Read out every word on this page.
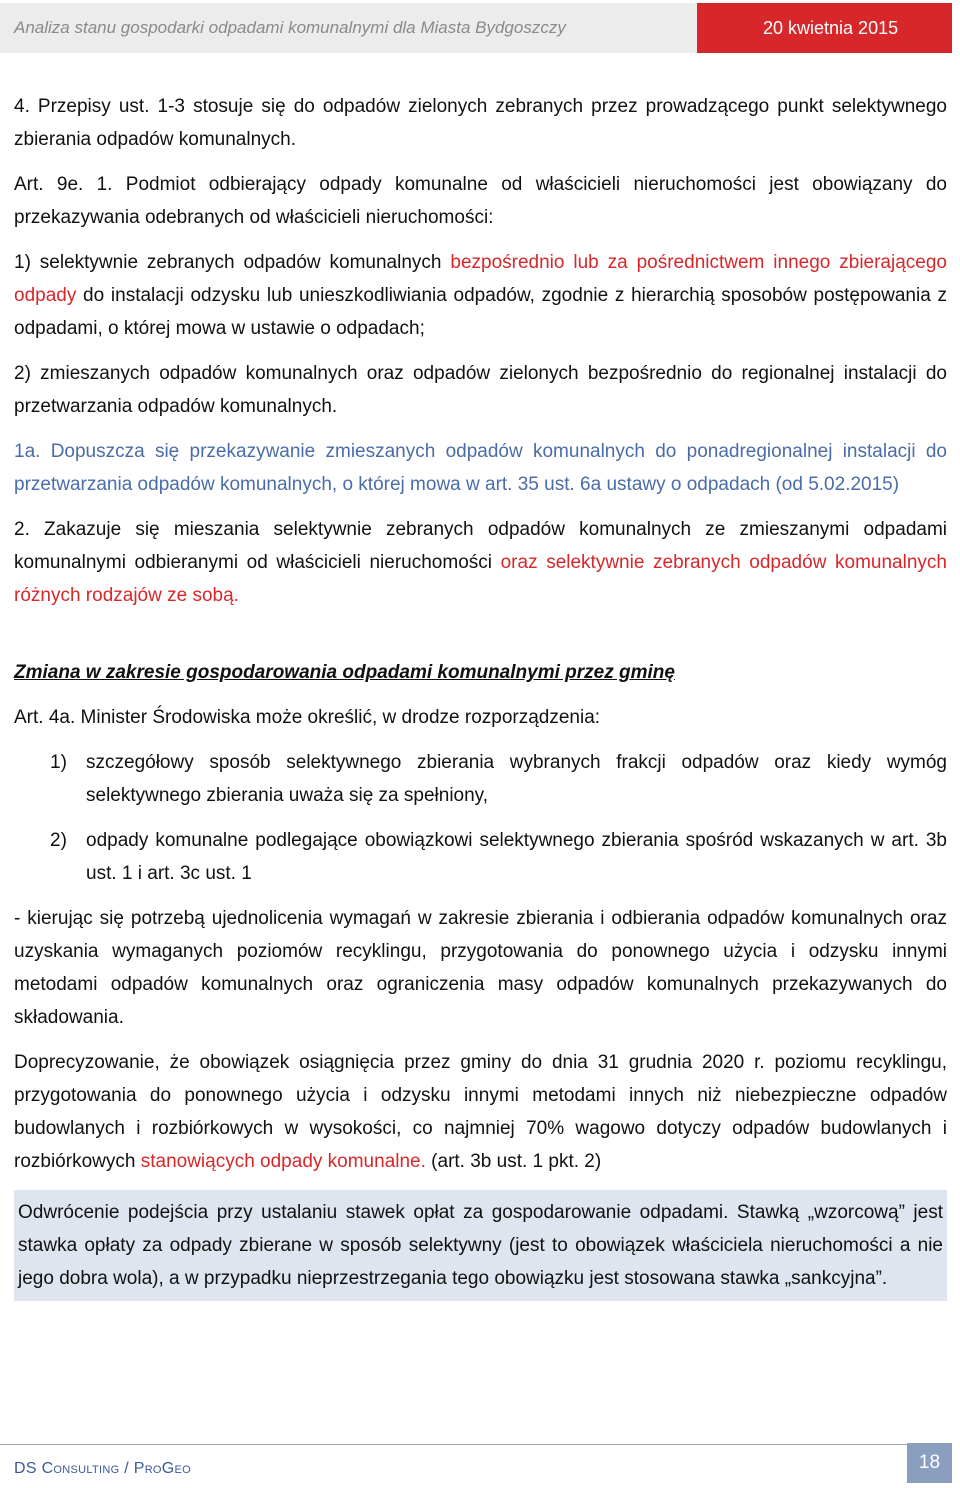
Analiza stanu gospodarki odpadami komunalnymi dla Miasta Bydgoszczy	20 kwietnia 2015

4. Przepisy ust. 1-3 stosuje się do odpadów zielonych zebranych przez prowadzącego punkt selektywnego zbierania odpadów komunalnych.

Art. 9e. 1. Podmiot odbierający odpady komunalne od właścicieli nieruchomości jest obowiązany do przekazywania odebranych od właścicieli nieruchomości:

1) selektywnie zebranych odpadów komunalnych bezpośrednio lub za pośrednictwem innego zbierającego odpady do instalacji odzysku lub unieszkodliwiania odpadów, zgodnie z hierarchią sposobów postępowania z odpadami, o której mowa w ustawie o odpadach;

2) zmieszanych odpadów komunalnych oraz odpadów zielonych bezpośrednio do regionalnej instalacji do przetwarzania odpadów komunalnych.

1a. Dopuszcza się przekazywanie zmieszanych odpadów komunalnych do ponadregionalnej instalacji do przetwarzania odpadów komunalnych, o której mowa w art. 35 ust. 6a ustawy o odpadach (od 5.02.2015)

2. Zakazuje się mieszania selektywnie zebranych odpadów komunalnych ze zmieszanymi odpadami komunalnymi odbieranymi od właścicieli nieruchomości oraz selektywnie zebranych odpadów komunalnych różnych rodzajów ze sobą.

Zmiana w zakresie gospodarowania odpadami komunalnymi przez gminę

Art. 4a. Minister Środowiska może określić, w drodze rozporządzenia:

1) szczegółowy sposób selektywnego zbierania wybranych frakcji odpadów oraz kiedy wymóg selektywnego zbierania uważa się za spełniony,
2) odpady komunalne podlegające obowiązkowi selektywnego zbierania spośród wskazanych w art. 3b ust. 1 i art. 3c ust. 1

- kierując się potrzebą ujednolicenia wymagań w zakresie zbierania i odbierania odpadów komunalnych oraz uzyskania wymaganych poziomów recyklingu, przygotowania do ponownego użycia i odzysku innymi metodami odpadów komunalnych oraz ograniczenia masy odpadów komunalnych przekazywanych do składowania.

Doprecyzowanie, że obowiązek osiągnięcia przez gminy do dnia 31 grudnia 2020 r. poziomu recyklingu, przygotowania do ponownego użycia i odzysku innymi metodami innych niż niebezpieczne odpadów budowlanych i rozbiórkowych w wysokości, co najmniej 70% wagowo dotyczy odpadów budowlanych i rozbiórkowych stanowiących odpady komunalne. (art. 3b ust. 1 pkt. 2)

Odwrócenie podejścia przy ustalaniu stawek opłat za gospodarowanie odpadami. Stawką „wzorcową” jest stawka opłaty za odpady zbierane w sposób selektywny (jest to obowiązek właściciela nieruchomości a nie jego dobra wola), a w przypadku nieprzestrzegania tego obowiązku jest stosowana stawka „sankcyjna”.

DS Consulting / ProGeo	18
